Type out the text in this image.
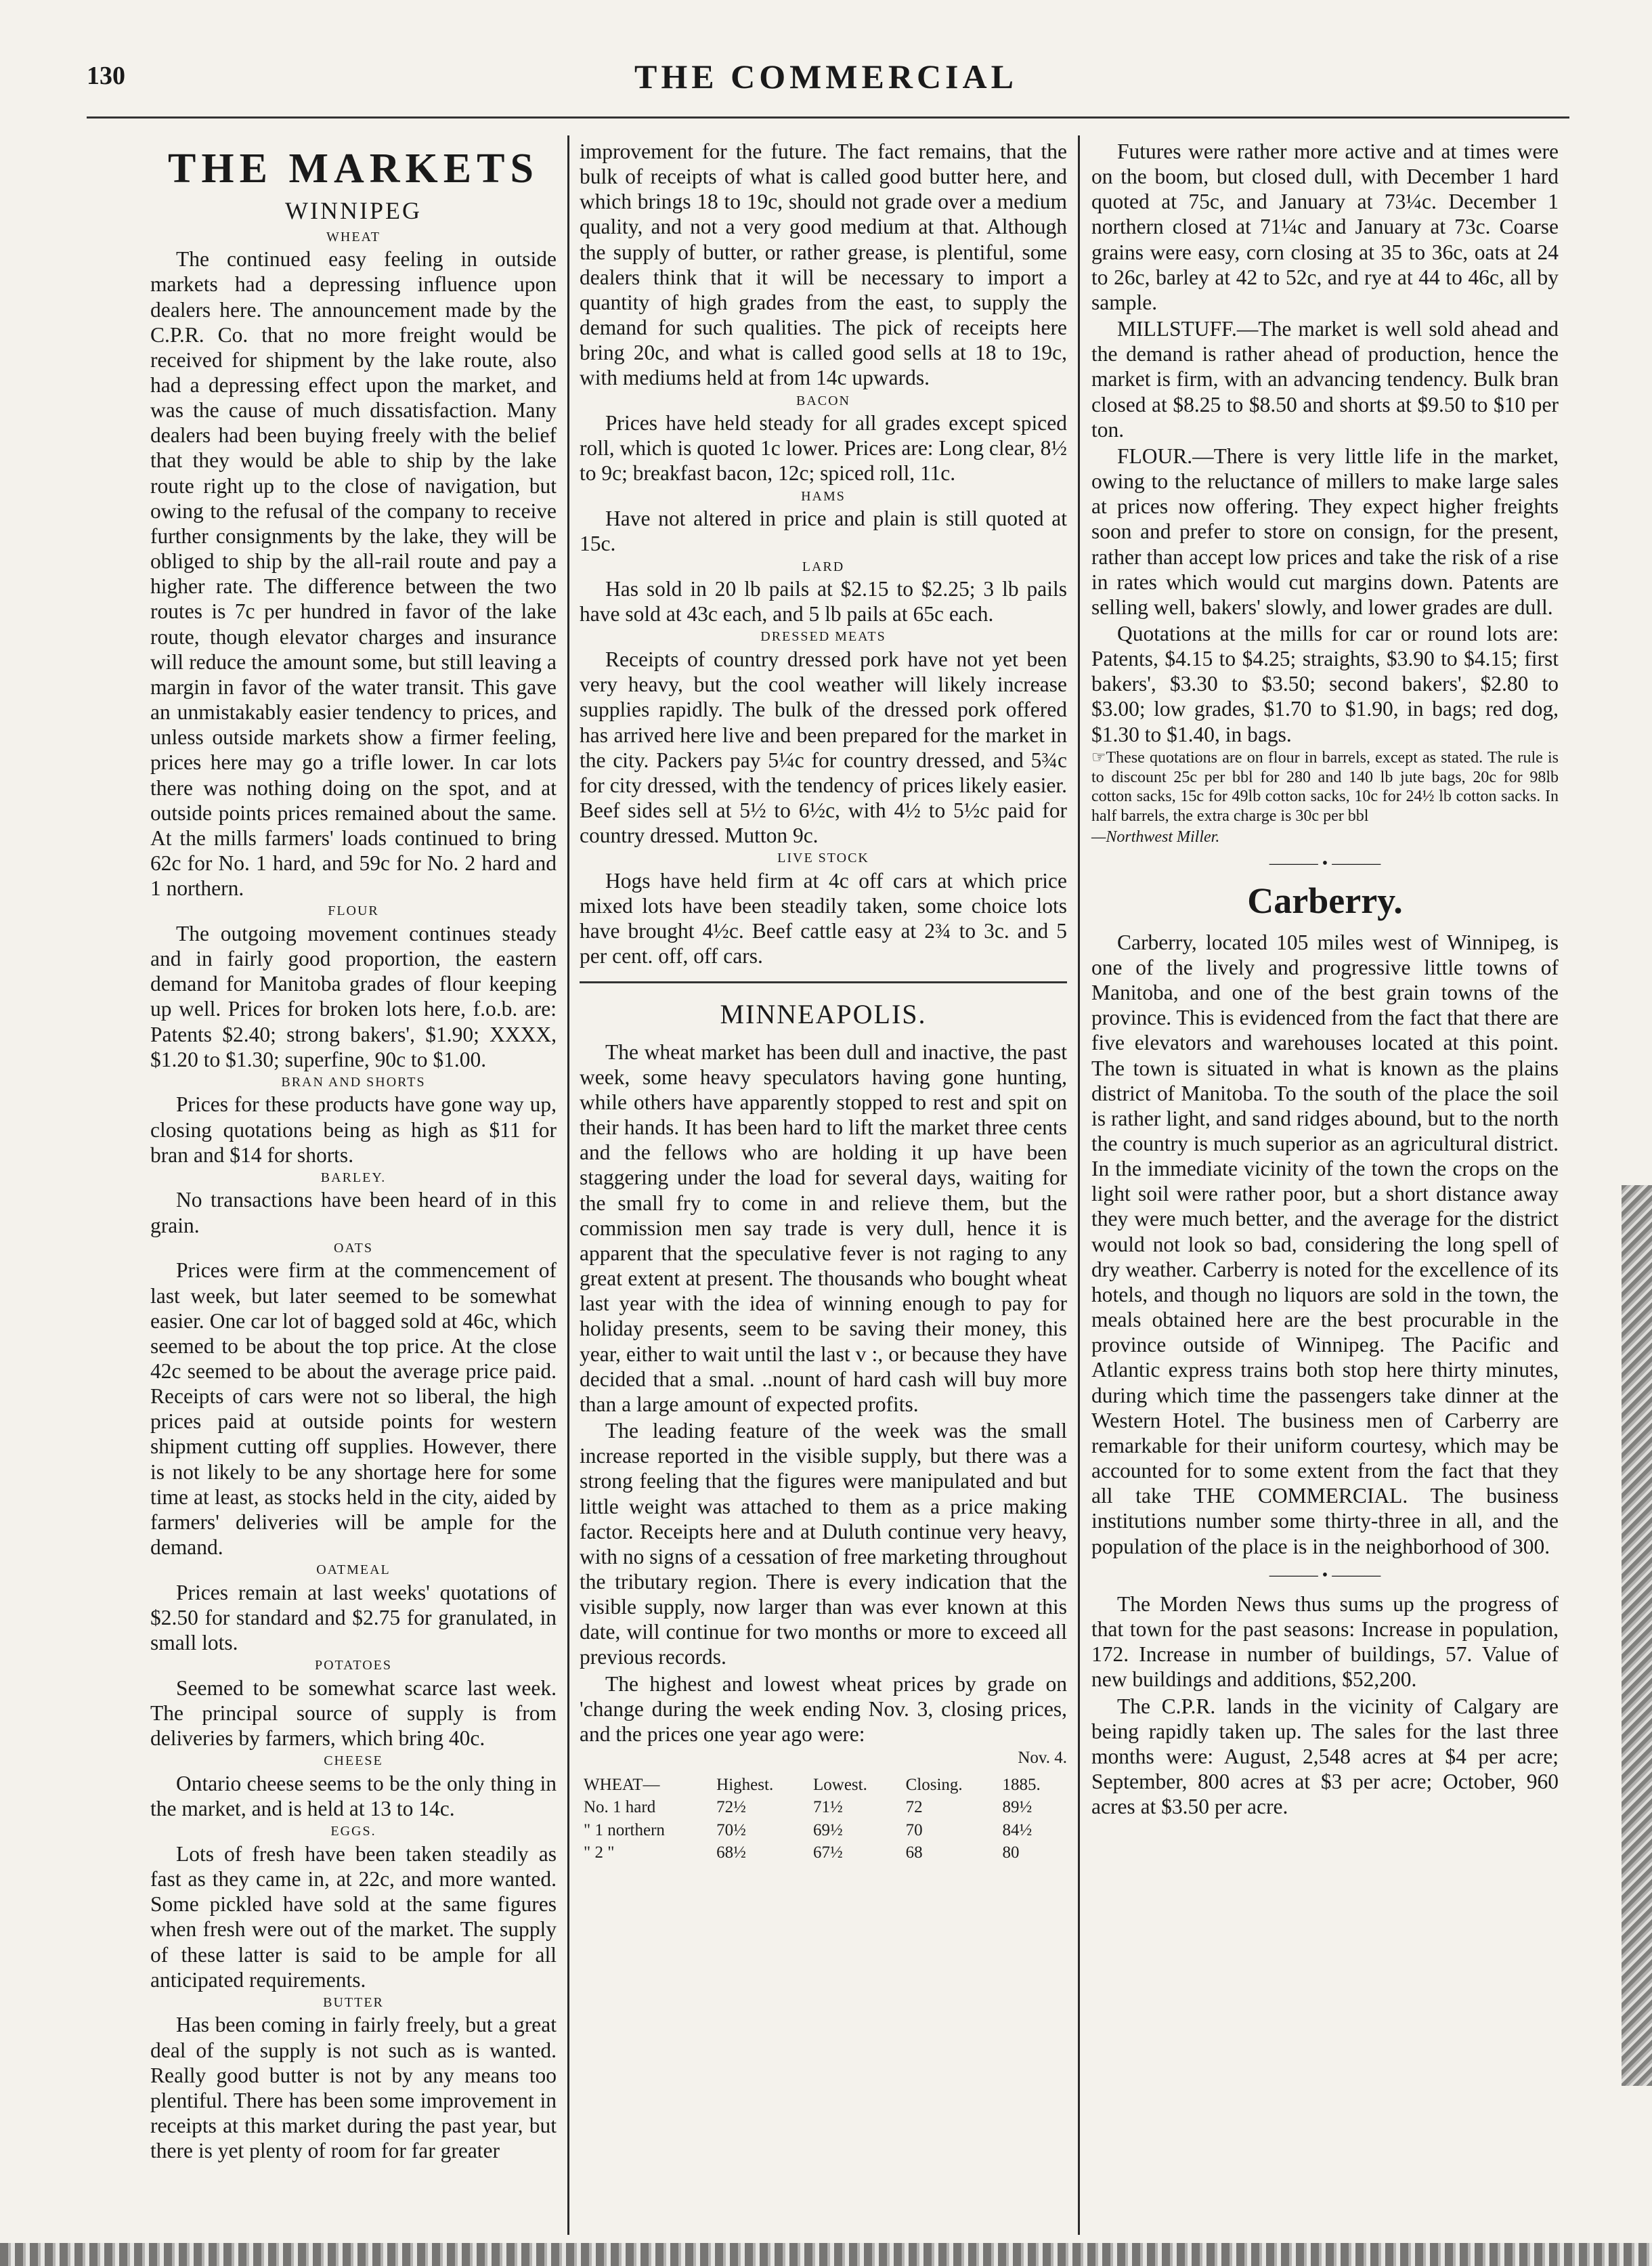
130	THE COMMERCIAL
THE MARKETS
WINNIPEG
WHEAT

The continued easy feeling in outside markets had a depressing influence upon dealers here. The announcement made by the C.P.R. Co. that no more freight would be received for shipment by the lake route, also had a depressing effect upon the market, and was the cause of much dissatisfaction. Many dealers had been buying freely with the belief that they would be able to ship by the lake route right up to the close of navigation, but owing to the refusal of the company to receive further consignments by the lake, they will be obliged to ship by the all-rail route and pay a higher rate. The difference between the two routes is 7c per hundred in favor of the lake route, though elevator charges and insurance will reduce the amount some, but still leaving a margin in favor of the water transit. This gave an unmistakably easier tendency to prices, and unless outside markets show a firmer feeling, prices here may go a trifle lower. In car lots there was nothing doing on the spot, and at outside points prices remained about the same. At the mills farmers' loads continued to bring 62c for No. 1 hard, and 59c for No. 2 hard and 1 northern.

FLOUR

The outgoing movement continues steady and in fairly good proportion, the eastern demand for Manitoba grades of flour keeping up well. Prices for broken lots here, f.o.b. are: Patents $2.40; strong bakers', $1.90; XXXX, $1.20 to $1.30; superfine, 90c to $1.00.

BRAN AND SHORTS

Prices for these products have gone way up, closing quotations being as high as $11 for bran and $14 for shorts.

BARLEY.

No transactions have been heard of in this grain.

OATS

Prices were firm at the commencement of last week, but later seemed to be somewhat easier. One car lot of bagged sold at 46c, which seemed to be about the top price. At the close 42c seemed to be about the average price paid. Receipts of cars were not so liberal, the high prices paid at outside points for western shipment cutting off supplies. However, there is not likely to be any shortage here for some time at least, as stocks held in the city, aided by farmers' deliveries will be ample for the demand.

OATMEAL

Prices remain at last weeks' quotations of $2.50 for standard and $2.75 for granulated, in small lots.

POTATOES

Seemed to be somewhat scarce last week. The principal source of supply is from deliveries by farmers, which bring 40c.

CHEESE

Ontario cheese seems to be the only thing in the market, and is held at 13 to 14c.

EGGS.

Lots of fresh have been taken steadily as fast as they came in, at 22c, and more wanted. Some pickled have sold at the same figures when fresh were out of the market. The supply of these latter is said to be ample for all anticipated requirements.

BUTTER

Has been coming in fairly freely, but a great deal of the supply is not such as is wanted. Really good butter is not by any means too plentiful. There has been some improvement in receipts at this market during the past year, but there is yet plenty of room for far greater

improvement for the future. The fact remains, that the bulk of receipts of what is called good butter here, and which brings 18 to 19c, should not grade over a medium quality, and not a very good medium at that. Although the supply of butter, or rather grease, is plentiful, some dealers think that it will be necessary to import a quantity of high grades from the east, to supply the demand for such qualities. The pick of receipts here bring 20c, and what is called good sells at 18 to 19c, with mediums held at from 14c upwards.

BACON

Prices have held steady for all grades except spiced roll, which is quoted 1c lower. Prices are: Long clear, 8½ to 9c; breakfast bacon, 12c; spiced roll, 11c.

HAMS

Have not altered in price and plain is still quoted at 15c.

LARD

Has sold in 20 lb pails at $2.15 to $2.25; 3 lb pails have sold at 43c each, and 5 lb pails at 65c each.

DRESSED MEATS

Receipts of country dressed pork have not yet been very heavy, but the cool weather will likely increase supplies rapidly. The bulk of the dressed pork offered has arrived here live and been prepared for the market in the city. Packers pay 5¼c for country dressed, and 5¾c for city dressed, with the tendency of prices likely easier. Beef sides sell at 5½ to 6½c, with 4½ to 5½c paid for country dressed. Mutton 9c.

LIVE STOCK

Hogs have held firm at 4c off cars at which price mixed lots have been steadily taken, some choice lots have brought 4½c. Beef cattle easy at 2¾ to 3c. and 5 per cent. off, off cars.

MINNEAPOLIS.

The wheat market has been dull and inactive, the past week, some heavy speculators having gone hunting, while others have apparently stopped to rest and spit on their hands. It has been hard to lift the market three cents and the fellows who are holding it up have been staggering under the load for several days, waiting for the small fry to come in and relieve them, but the commission men say trade is very dull, hence it is apparent that the speculative fever is not raging to any great extent at present. The thousands who bought wheat last year with the idea of winning enough to pay for holiday presents, seem to be saving their money, this year, either to wait until the last v :, or because they have decided that a smal. ..nount of hard cash will buy more than a large amount of expected profits.

The leading feature of the week was the small increase reported in the visible supply, but there was a strong feeling that the figures were manipulated and but little weight was attached to them as a price making factor. Receipts here and at Duluth continue very heavy, with no signs of a cessation of free marketing throughout the tributary region. There is every indication that the visible supply, now larger than was ever known at this date, will continue for two months or more to exceed all previous records.

The highest and lowest wheat prices by grade on 'change during the week ending Nov. 3, closing prices, and the prices one year ago were:

Nov. 4.
WHEAT—	Highest.	Lowest.	Closing.	1885.
No. 1 hard	72½	71½	72	89½
" 1 northern	70½	69½	70	84½
" 2 "	68½	67½	68	80

Futures were rather more active and at times were on the boom, but closed dull, with December 1 hard quoted at 75c, and January at 73¼c. December 1 northern closed at 71¼c and January at 73c. Coarse grains were easy, corn closing at 35 to 36c, oats at 24 to 26c, barley at 42 to 52c, and rye at 44 to 46c, all by sample.

MILLSTUFF.—The market is well sold ahead and the demand is rather ahead of production, hence the market is firm, with an advancing tendency. Bulk bran closed at $8.25 to $8.50 and shorts at $9.50 to $10 per ton.

FLOUR.—There is very little life in the market, owing to the reluctance of millers to make large sales at prices now offering. They expect higher freights soon and prefer to store on consign, for the present, rather than accept low prices and take the risk of a rise in rates which would cut margins down. Patents are selling well, bakers' slowly, and lower grades are dull.

Quotations at the mills for car or round lots are: Patents, $4.15 to $4.25; straights, $3.90 to $4.15; first bakers', $3.30 to $3.50; second bakers', $2.80 to $3.00; low grades, $1.70 to $1.90, in bags; red dog, $1.30 to $1.40, in bags.

☞These quotations are on flour in barrels, except as stated. The rule is to discount 25c per bbl for 280 and 140 lb jute bags, 20c for 98lb cotton sacks, 15c for 49lb cotton sacks, 10c for 24½ lb cotton sacks. In half barrels, the extra charge is 30c per bbl

—Northwest Miller.

——— • ———
Carberry.

Carberry, located 105 miles west of Winnipeg, is one of the lively and progressive little towns of Manitoba, and one of the best grain towns of the province. This is evidenced from the fact that there are five elevators and warehouses located at this point. The town is situated in what is known as the plains district of Manitoba. To the south of the place the soil is rather light, and sand ridges abound, but to the north the country is much superior as an agricultural district. In the immediate vicinity of the town the crops on the light soil were rather poor, but a short distance away they were much better, and the average for the district would not look so bad, considering the long spell of dry weather. Carberry is noted for the excellence of its hotels, and though no liquors are sold in the town, the meals obtained here are the best procurable in the province outside of Winnipeg. The Pacific and Atlantic express trains both stop here thirty minutes, during which time the passengers take dinner at the Western Hotel. The business men of Carberry are remarkable for their uniform courtesy, which may be accounted for to some extent from the fact that they all take THE COMMERCIAL. The business institutions number some thirty-three in all, and the population of the place is in the neighborhood of 300.

——— • ———

The Morden News thus sums up the progress of that town for the past seasons: Increase in population, 172. Increase in number of buildings, 57. Value of new buildings and additions, $52,200.

The C.P.R. lands in the vicinity of Calgary are being rapidly taken up. The sales for the last three months were: August, 2,548 acres at $4 per acre; September, 800 acres at $3 per acre; October, 960 acres at $3.50 per acre.
